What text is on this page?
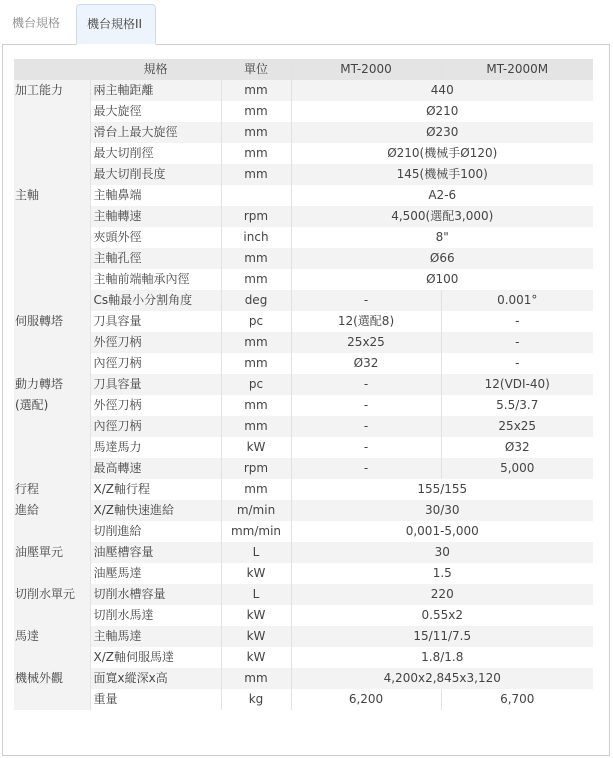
機台規格	機台規格II
	規格	單位	MT-2000	MT-2000M
加工能力	兩主軸距離	mm	440	
	最大旋徑	mm	Ø210	
	滑台上最大旋徑	mm	Ø230	
	最大切削徑	mm	Ø210(機械手Ø120)	
	最大切削長度	mm	145(機械手100)	
主軸	主軸鼻端		A2-6	
	主軸轉速	rpm	4,500(選配3,000)	
	夾頭外徑	inch	8"	
	主軸孔徑	mm	Ø66	
	主軸前端軸承內徑	mm	Ø100	
	Cs軸最小分割角度	deg	-	0.001°
伺服轉塔	刀具容量	pc	12(選配8)	-
	外徑刀柄	mm	25x25	-
	內徑刀柄	mm	Ø32	-
動力轉塔	刀具容量	pc	-	12(VDI-40)
(選配)	外徑刀柄	mm	-	5.5/3.7
	內徑刀柄	mm	-	25x25
	馬達馬力	kW	-	Ø32
	最高轉速	rpm	-	5,000
行程	X/Z軸行程	mm	155/155	
進給	X/Z軸快速進給	m/min	30/30	
	切削進給	mm/min	0,001-5,000	
油壓單元	油壓槽容量	L	30	
	油壓馬達	kW	1.5	
切削水單元	切削水槽容量	L	220	
	切削水馬達	kW	0.55x2	
馬達	主軸馬達	kW	15/11/7.5	
	X/Z軸伺服馬達	kW	1.8/1.8	
機械外觀	面寬x縱深x高	mm	4,200x2,845x3,120	
	重量	kg	6,200	6,700
